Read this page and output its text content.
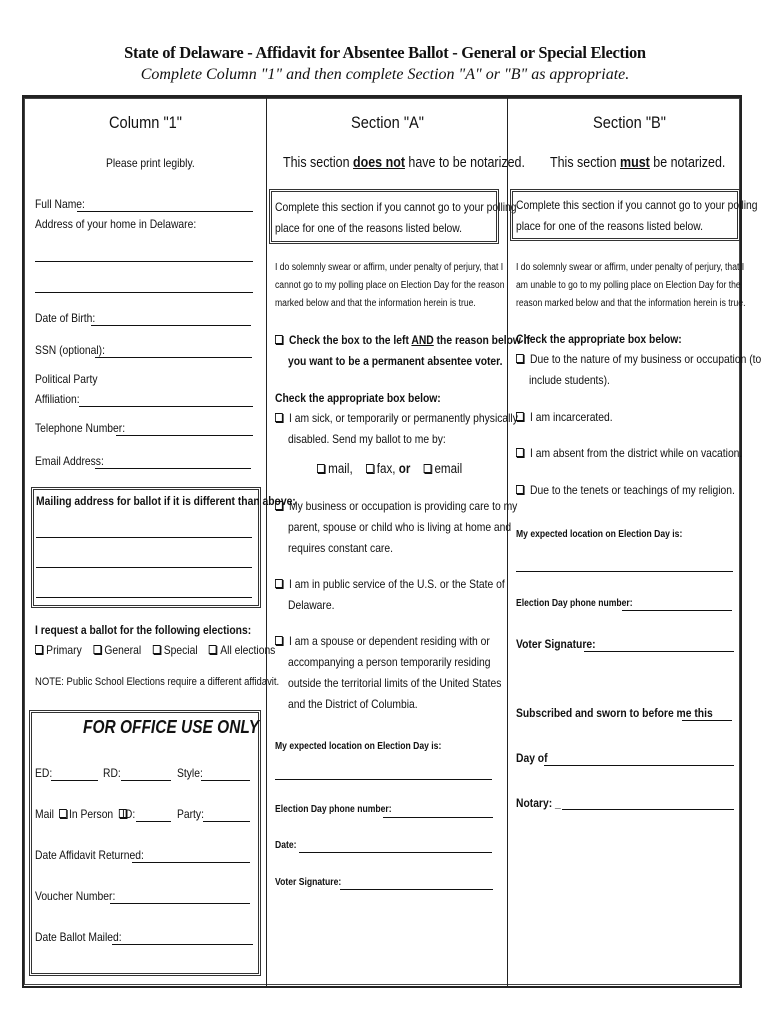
State of Delaware - Affidavit for Absentee Ballot - General or Special Election
Complete Column "1" and then complete Section "A" or "B" as appropriate.
Column "1"
Please print legibly.
Full Name:
Address of your home in Delaware:
Date of Birth:
SSN (optional):
Political Party
Affiliation:
Telephone Number:
Email Address:
Mailing address for ballot if it is different than above:
I request a ballot for the following elections:
Primary General Special All elections
NOTE: Public School Elections require a different affidavit.
FOR OFFICE USE ONLY
ED:	RD:	Style:
Mail	In Person ID:	Party:
Date Affidavit Returned:
Voucher Number:
Date Ballot Mailed:
Section "A"
This section does not have to be notarized.
Complete this section if you cannot go to your polling
place for one of the reasons listed below.
I do solemnly swear or affirm, under penalty of perjury, that I
cannot go to my polling place on Election Day for the reason
marked below and that the information herein is true.
Check the box to the left AND the reason below if
you want to be a permanent absentee voter.
Check the appropriate box below:
I am sick, or temporarily or permanently physically
disabled. Send my ballot to me by:
mail, fax, or email
My business or occupation is providing care to my
parent, spouse or child who is living at home and
requires constant care.
I am in public service of the U.S. or the State of
Delaware.
I am a spouse or dependent residing with or
accompanying a person temporarily residing
outside the territorial limits of the United States
and the District of Columbia.
My expected location on Election Day is:
Election Day phone number:
Date:
Voter Signature:
Section "B"
This section must be notarized.
Complete this section if you cannot go to your polling
place for one of the reasons listed below.
I do solemnly swear or affirm, under penalty of perjury, that I
am unable to go to my polling place on Election Day for the
reason marked below and that the information herein is true.
Check the appropriate box below:
Due to the nature of my business or occupation (to
include students).
I am incarcerated.
I am absent from the district while on vacation.
Due to the tenets or teachings of my religion.
My expected location on Election Day is:
Election Day phone number:
Voter Signature:
Subscribed and sworn to before me this
Day of
Notary: _
